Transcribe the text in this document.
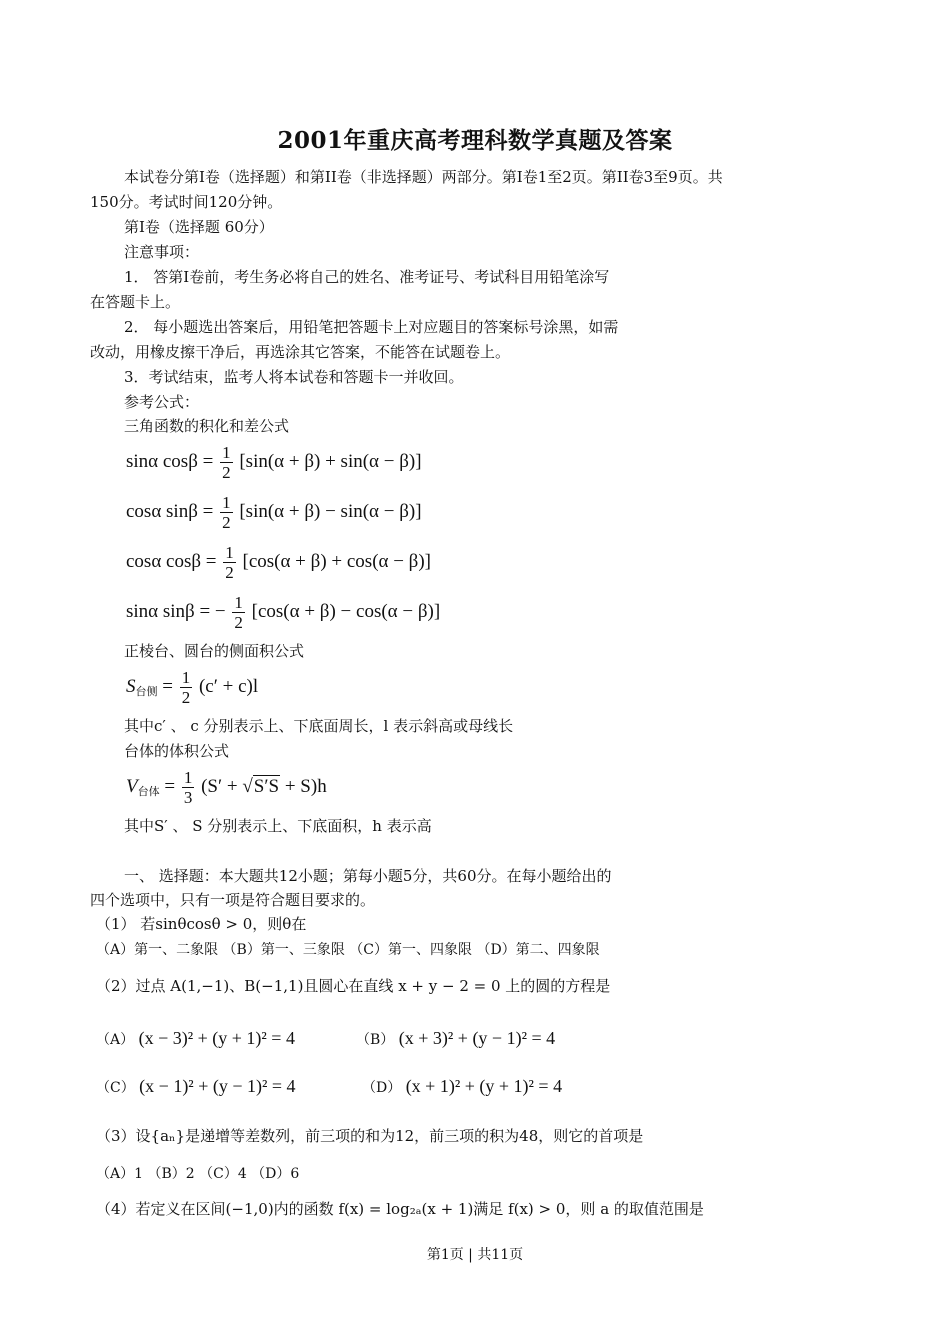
2001年重庆高考理科数学真题及答案
本试卷分第Ⅰ卷（选择题）和第II卷（非选择题）两部分。第Ⅰ卷1至2页。第II卷3至9页。共
150分。考试时间120分钟。
第Ⅰ卷（选择题 60分）
注意事项：
1． 答第Ⅰ卷前，考生务必将自己的姓名、准考证号、考试科目用铅笔涂写
在答题卡上。
2． 每小题选出答案后，用铅笔把答题卡上对应题目的答案标号涂黑，如需
改动，用橡皮擦干净后，再选涂其它答案，不能答在试题卷上。
3．考试结束，监考人将本试卷和答题卡一并收回。
参考公式：
三角函数的积化和差公式
sinα $\cos\beta = \frac{1}{2} [\sin(\alpha + \beta) + \sin(\alpha - \beta)]$
cosα $\sin\beta = \frac{1}{2} [\sin(\alpha + \beta) - \sin(\alpha - \beta)]$
cosα $\cos\beta = \frac{1}{2} [\cos(\alpha + \beta) + \cos(\alpha - \beta)]$
sinα sinβ = − $\frac{1}{2} [\cos(\alpha + \beta) - \cos(\alpha - \beta)]$
正棱台、圆台的侧面积公式
$S_{台侧} = \frac{1}{2} (c' + c)l$
其中c′ 、 c 分别表示上、下底面周长，l 表示斜高或母线长
台体的体积公式
$V_{台体} = \frac{1}{3} (S' + √S'S + S)h$
其中S′ 、 S 分别表示上、下底面积，h 表示高
一、 选择题：本大题共12小题；第每小题5分，共60分。在每小题给出的
四个选项中，只有一项是符合题目要求的。
（1） 若sinθcosθ > 0，则θ在
（A）第一、二象限 （B）第一、三象限 （C）第一、四象限 （D）第二、四象限
（2）过点 A(1,−1)、B(−1,1)且圆心在直线 x + y − 2 = 0 上的圆的方程是
（A） (x − 3)² + (y + 1)² = 4	（B） (x + 3)² + (y − 1)² = 4
（C） (x − 1)² + (y − 1)² = 4	（D） (x + 1)² + (y + 1)² = 4
（3）设{aₙ}是递增等差数列，前三项的和为12，前三项的积为48，则它的首项是
（A）1 （B）2 （C）4 （D）6
（4）若定义在区间(−1,0)内的函数 f(x) = log₂ₐ(x + 1)满足 f(x) > 0，则 a 的取值范围是
第1页 | 共11页
